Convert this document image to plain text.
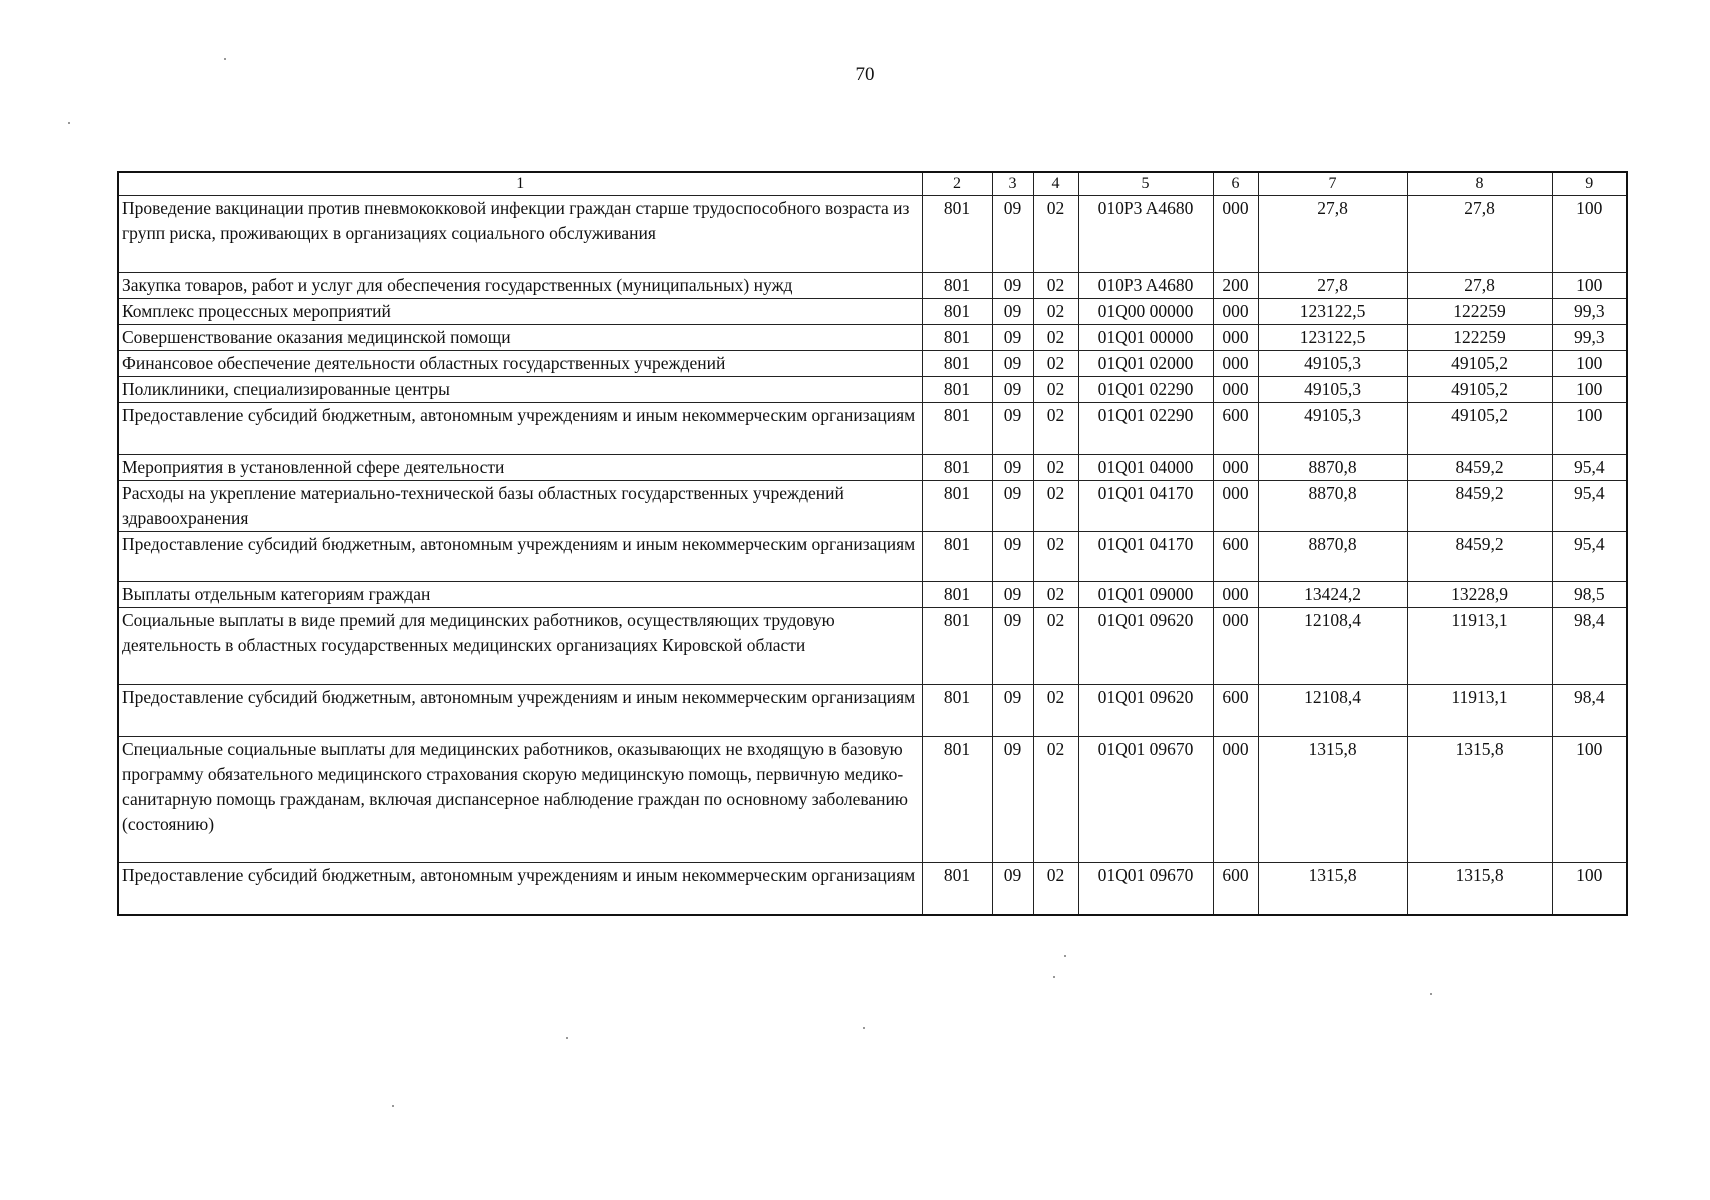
70
1	2	3	4	5	6	7	8	9
Проведение вакцинации против пневмококковой инфекции граждан старше трудоспособного возраста из групп риска, проживающих в организациях социального обслуживания	801	09	02	010P3 A4680	000	27,8	27,8	100
Закупка товаров, работ и услуг для обеспечения государственных (муниципальных) нужд	801	09	02	010P3 A4680	200	27,8	27,8	100
Комплекс процессных мероприятий	801	09	02	01Q00 00000	000	123122,5	122259	99,3
Совершенствование оказания медицинской помощи	801	09	02	01Q01 00000	000	123122,5	122259	99,3
Финансовое обеспечение деятельности областных государственных учреждений	801	09	02	01Q01 02000	000	49105,3	49105,2	100
Поликлиники, специализированные центры	801	09	02	01Q01 02290	000	49105,3	49105,2	100
Предоставление субсидий бюджетным, автономным учреждениям и иным некоммерческим организациям	801	09	02	01Q01 02290	600	49105,3	49105,2	100
Мероприятия в установленной сфере деятельности	801	09	02	01Q01 04000	000	8870,8	8459,2	95,4
Расходы на укрепление материально-технической базы областных государственных учреждений здравоохранения	801	09	02	01Q01 04170	000	8870,8	8459,2	95,4
Предоставление субсидий бюджетным, автономным учреждениям и иным некоммерческим организациям	801	09	02	01Q01 04170	600	8870,8	8459,2	95,4
Выплаты отдельным категориям граждан	801	09	02	01Q01 09000	000	13424,2	13228,9	98,5
Социальные выплаты в виде премий для медицинских работников, осуществляющих трудовую деятельность в областных государственных медицинских организациях Кировской области	801	09	02	01Q01 09620	000	12108,4	11913,1	98,4
Предоставление субсидий бюджетным, автономным учреждениям и иным некоммерческим организациям	801	09	02	01Q01 09620	600	12108,4	11913,1	98,4
Специальные социальные выплаты для медицинских работников, оказывающих не входящую в базовую программу обязательного медицинского страхования скорую медицинскую помощь, первичную медико-санитарную помощь гражданам, включая диспансерное наблюдение граждан по основному заболеванию (состоянию)	801	09	02	01Q01 09670	000	1315,8	1315,8	100
Предоставление субсидий бюджетным, автономным учреждениям и иным некоммерческим организациям	801	09	02	01Q01 09670	600	1315,8	1315,8	100
